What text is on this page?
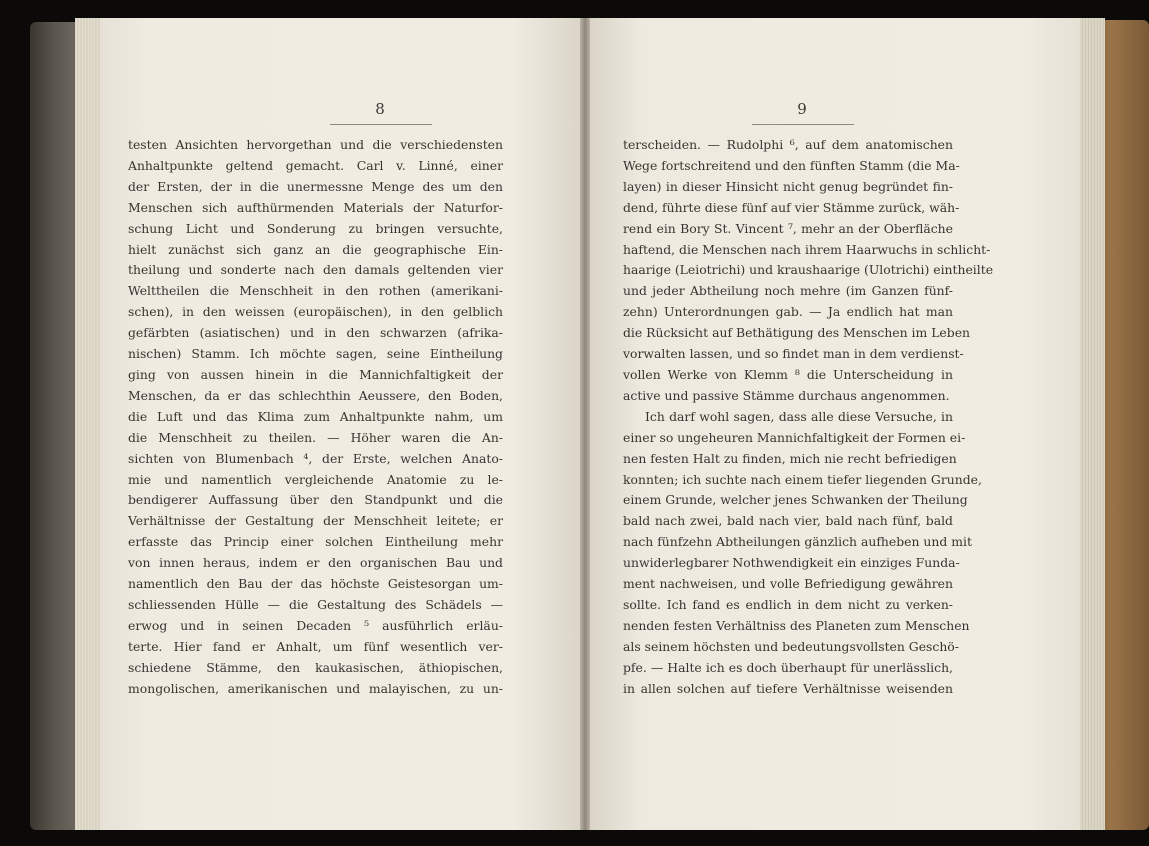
8	9
testen Ansichten hervorgethan und die verschiedensten
Anhaltpunkte geltend gemacht. Carl v. Linné, einer
der Ersten, der in die unermessne Menge des um den
Menschen sich aufthürmenden Materials der Naturfor-
schung Licht und Sonderung zu bringen versuchte,
hielt zunächst sich ganz an die geographische Ein-
theilung und sonderte nach den damals geltenden vier
Welttheilen die Menschheit in den rothen (amerikani-
schen), in den weissen (europäischen), in den gelblich
gefärbten (asiatischen) und in den schwarzen (afrika-
nischen) Stamm. Ich möchte sagen, seine Eintheilung
ging von aussen hinein in die Mannichfaltigkeit der
Menschen, da er das schlechthin Aeussere, den Boden,
die Luft und das Klima zum Anhaltpunkte nahm, um
die Menschheit zu theilen. — Höher waren die An-
sichten von Blumenbach ⁴, der Erste, welchen Anato-
mie und namentlich vergleichende Anatomie zu le-
bendigerer Auffassung über den Standpunkt und die
Verhältnisse der Gestaltung der Menschheit leitete; er
erfasste das Princip einer solchen Eintheilung mehr
von innen heraus, indem er den organischen Bau und
namentlich den Bau der das höchste Geistesorgan um-
schliessenden Hülle — die Gestaltung des Schädels —
erwog und in seinen Decaden ⁵ ausführlich erläu-
terte. Hier fand er Anhalt, um fünf wesentlich ver-
schiedene Stämme, den kaukasischen, äthiopischen,
mongolischen, amerikanischen und malayischen, zu un-
terscheiden. — Rudolphi ⁶, auf dem anatomischen
Wege fortschreitend und den fünften Stamm (die Ma-
layen) in dieser Hinsicht nicht genug begründet fin-
dend, führte diese fünf auf vier Stämme zurück, wäh-
rend ein Bory St. Vincent ⁷, mehr an der Oberfläche
haftend, die Menschen nach ihrem Haarwuchs in schlicht-
haarige (Leiotrichi) und kraushaarige (Ulotrichi) eintheilte
und jeder Abtheilung noch mehre (im Ganzen fünf-
zehn) Unterordnungen gab. — Ja endlich hat man
die Rücksicht auf Bethätigung des Menschen im Leben
vorwalten lassen, und so findet man in dem verdienst-
vollen Werke von Klemm ⁸ die Unterscheidung in
active und passive Stämme durchaus angenommen.
Ich darf wohl sagen, dass alle diese Versuche, in
einer so ungeheuren Mannichfaltigkeit der Formen ei-
nen festen Halt zu finden, mich nie recht befriedigen
konnten; ich suchte nach einem tiefer liegenden Grunde,
einem Grunde, welcher jenes Schwanken der Theilung
bald nach zwei, bald nach vier, bald nach fünf, bald
nach fünfzehn Abtheilungen gänzlich aufheben und mit
unwiderlegbarer Nothwendigkeit ein einziges Funda-
ment nachweisen, und volle Befriedigung gewähren
sollte. Ich fand es endlich in dem nicht zu verken-
nenden festen Verhältniss des Planeten zum Menschen
als seinem höchsten und bedeutungsvollsten Geschö-
pfe. — Halte ich es doch überhaupt für unerlässlich,
in allen solchen auf tiefere Verhältnisse weisenden
